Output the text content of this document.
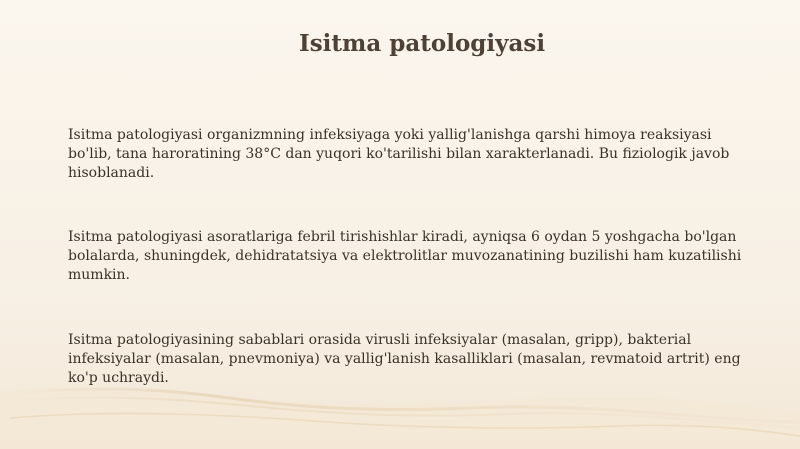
Isitma patologiyasi
Isitma patologiyasi organizmning infeksiyaga yoki yallig'lanishga qarshi himoya reaksiyasi bo'lib, tana haroratining 38°C dan yuqori ko'tarilishi bilan xarakterlanadi. Bu fiziologik javob hisoblanadi.
Isitma patologiyasi asoratlariga febril tirishishlar kiradi, ayniqsa 6 oydan 5 yoshgacha bo'lgan bolalarda, shuningdek, dehidratatsiya va elektrolitlar muvozanatining buzilishi ham kuzatilishi mumkin.
Isitma patologiyasining sabablari orasida virusli infeksiyalar (masalan, gripp), bakterial infeksiyalar (masalan, pnevmoniya) va yallig'lanish kasalliklari (masalan, revmatoid artrit) eng ko'p uchraydi.
